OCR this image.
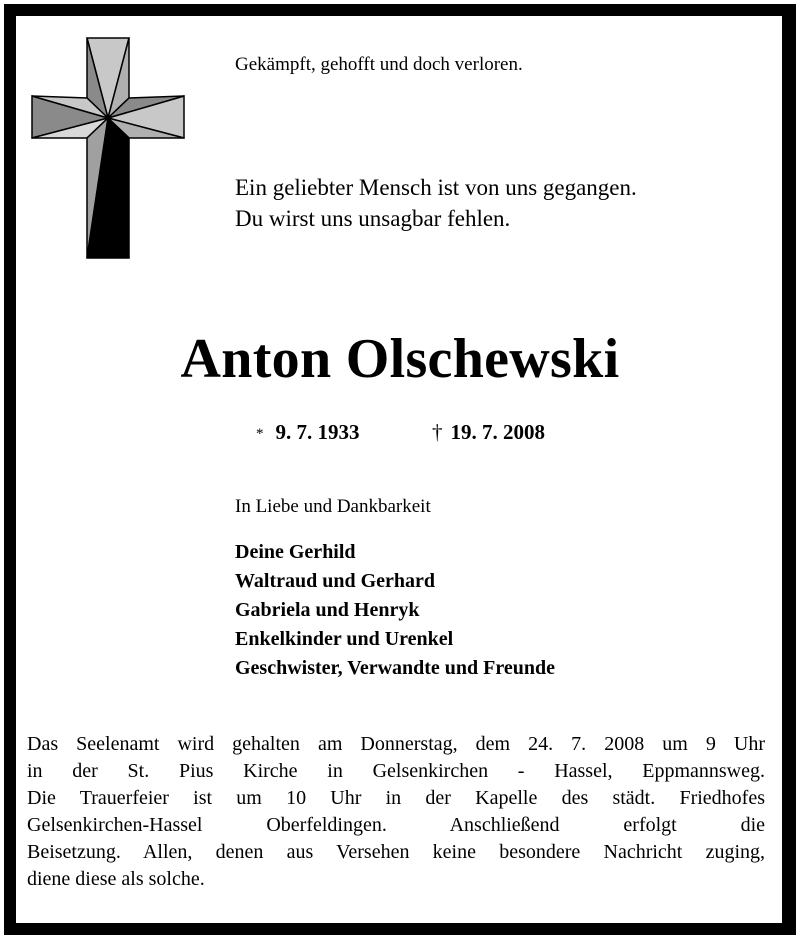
Gekämpft, gehofft und doch verloren.
Ein geliebter Mensch ist von uns gegangen.
Du wirst uns unsagbar fehlen.
Anton Olschewski
* 9. 7. 1933	† 19. 7. 2008
In Liebe und Dankbarkeit
Deine Gerhild
Waltraud und Gerhard
Gabriela und Henryk
Enkelkinder und Urenkel
Geschwister, Verwandte und Freunde
Das Seelenamt wird gehalten am Donnerstag, dem 24. 7. 2008 um 9 Uhr
in der St. Pius Kirche in Gelsenkirchen - Hassel, Eppmannsweg.
Die Trauerfeier ist um 10 Uhr in der Kapelle des städt. Friedhofes
Gelsenkirchen-Hassel Oberfeldingen. Anschließend erfolgt die
Beisetzung. Allen, denen aus Versehen keine besondere Nachricht zuging,
diene diese als solche.
